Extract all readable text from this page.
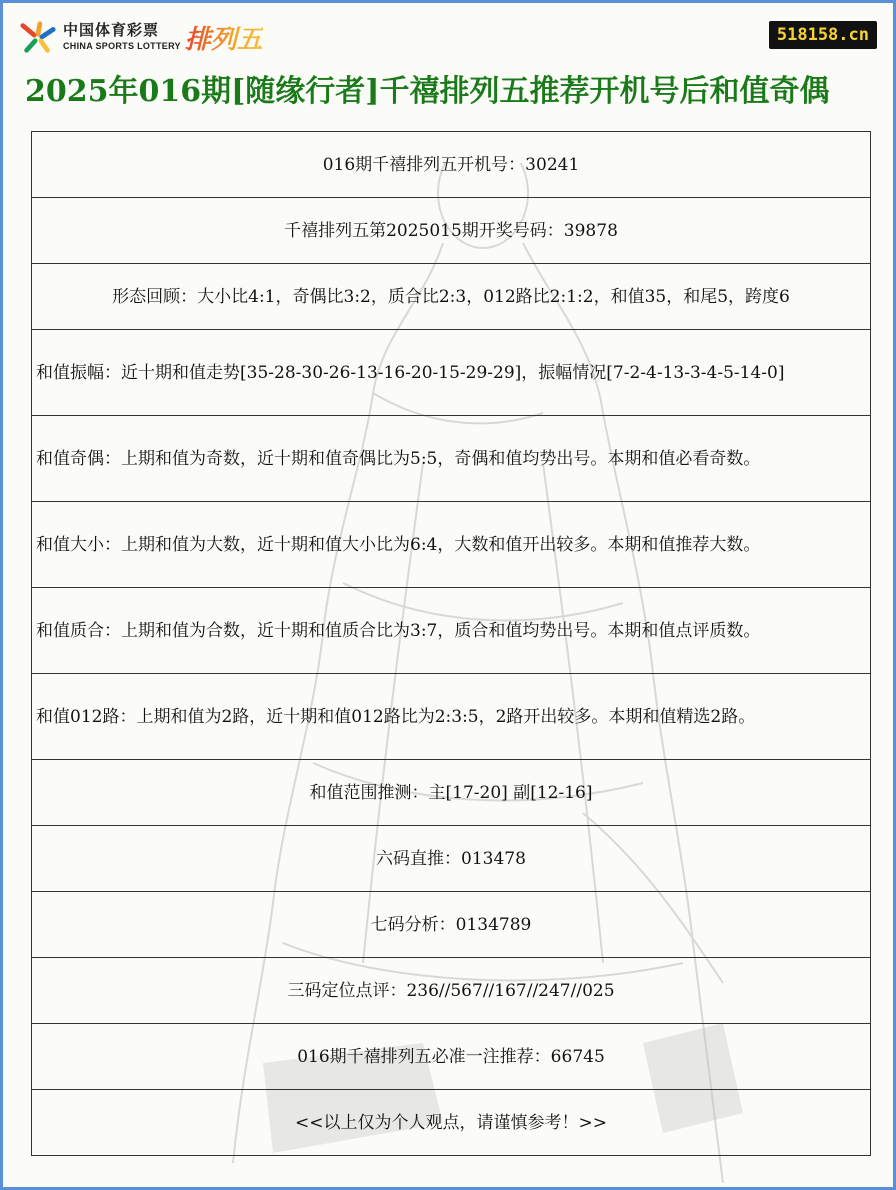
中国体育彩票
CHINA SPORTS LOTTERY 排列五	518158.cn
2025年016期[随缘行者]千禧排列五推荐开机号后和值奇偶
016期千禧排列五开机号：30241
千禧排列五第2025015期开奖号码：39878
形态回顾：大小比4:1，奇偶比3:2，质合比2:3，012路比2:1:2，和值35，和尾5，跨度6
和值振幅：近十期和值走势[35-28-30-26-13-16-20-15-29-29]，振幅情况[7-2-4-13-3-4-5-14-0]
和值奇偶：上期和值为奇数，近十期和值奇偶比为5:5，奇偶和值均势出号。本期和值必看奇数。
和值大小：上期和值为大数，近十期和值大小比为6:4，大数和值开出较多。本期和值推荐大数。
和值质合：上期和值为合数，近十期和值质合比为3:7，质合和值均势出号。本期和值点评质数。
和值012路：上期和值为2路，近十期和值012路比为2:3:5，2路开出较多。本期和值精选2路。
和值范围推测：主[17-20] 副[12-16]
六码直推：013478
七码分析：0134789
三码定位点评：236//567//167//247//025
016期千禧排列五必准一注推荐：66745
<<以上仅为个人观点，请谨慎参考！>>
